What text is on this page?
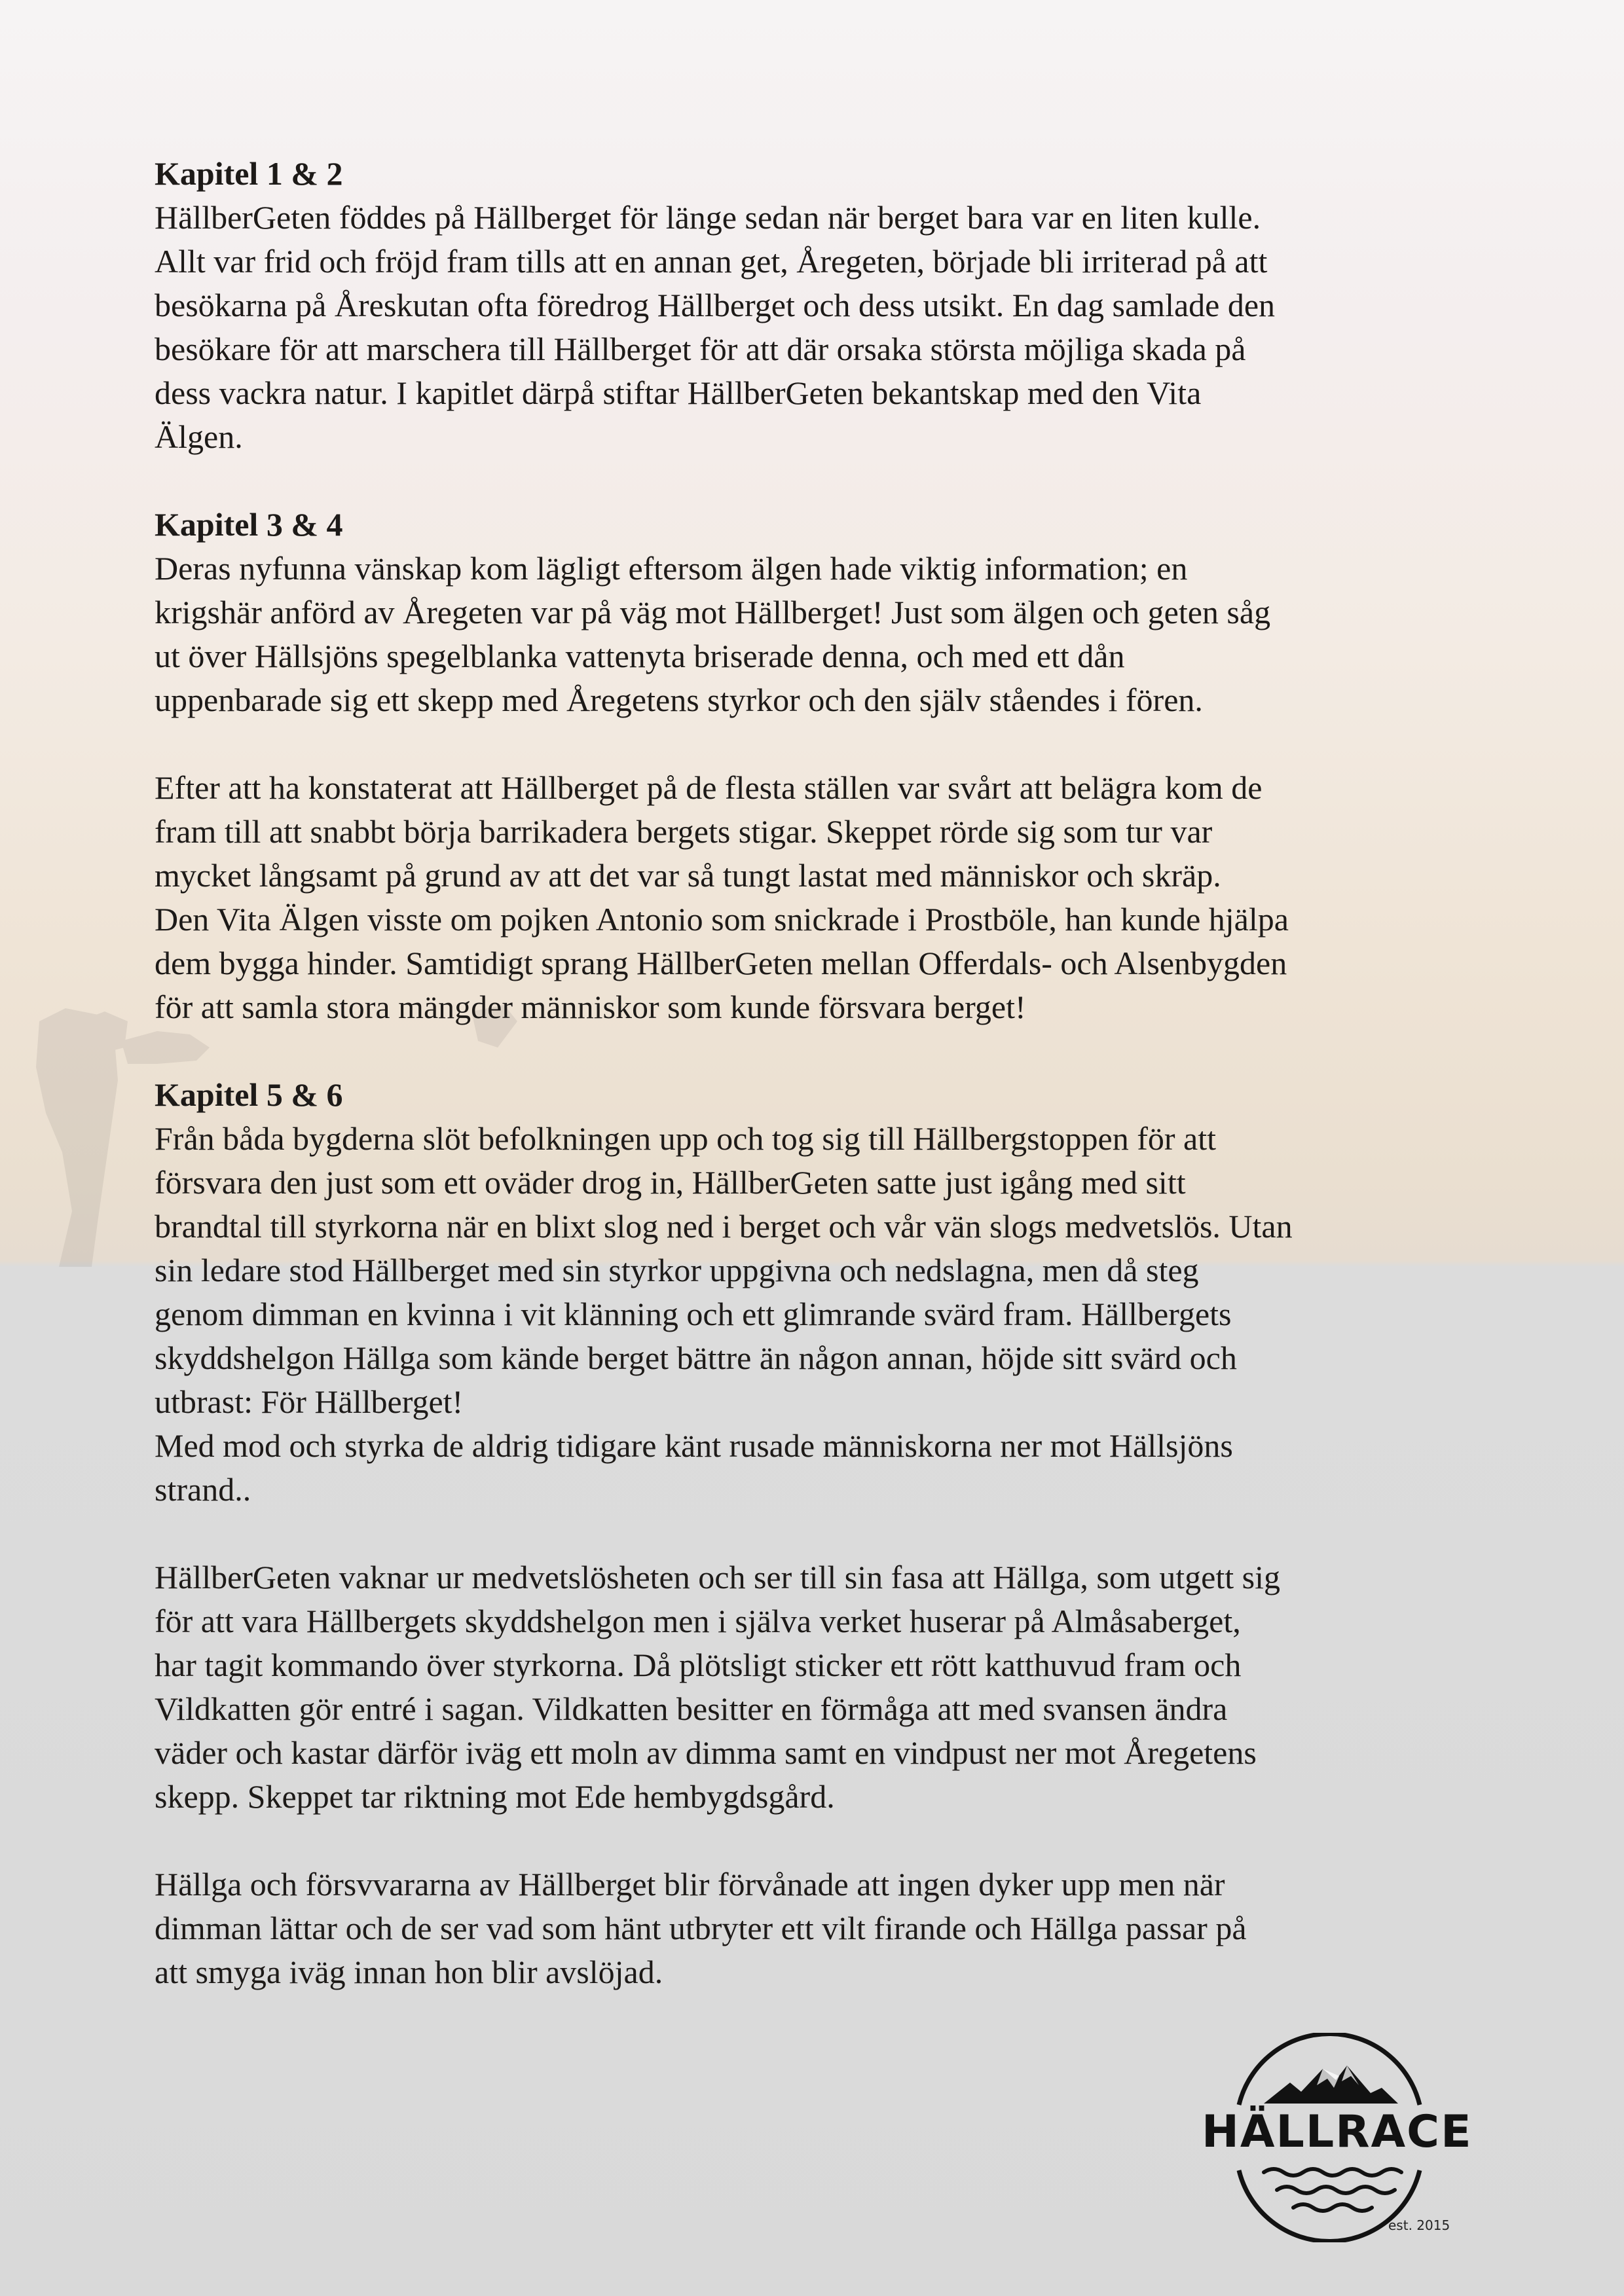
Kapitel 1 & 2

HällberGeten föddes på Hällberget för länge sedan när berget bara var en liten kulle.
Allt var frid och fröjd fram tills att en annan get, Åregeten, började bli irriterad på att
besökarna på Åreskutan ofta föredrog Hällberget och dess utsikt. En dag samlade den
besökare för att marschera till Hällberget för att där orsaka största möjliga skada på
dess vackra natur. I kapitlet därpå stiftar HällberGeten bekantskap med den Vita
Älgen.

Kapitel 3 & 4

Deras nyfunna vänskap kom lägligt eftersom älgen hade viktig information; en
krigshär anförd av Åregeten var på väg mot Hällberget! Just som älgen och geten såg
ut över Hällsjöns spegelblanka vattenyta briserade denna, och med ett dån
uppenbarade sig ett skepp med Åregetens styrkor och den själv ståendes i fören.

Efter att ha konstaterat att Hällberget på de flesta ställen var svårt att belägra kom de
fram till att snabbt börja barrikadera bergets stigar. Skeppet rörde sig som tur var
mycket långsamt på grund av att det var så tungt lastat med människor och skräp.
Den Vita Älgen visste om pojken Antonio som snickrade i Prostböle, han kunde hjälpa
dem bygga hinder. Samtidigt sprang HällberGeten mellan Offerdals- och Alsenbygden
för att samla stora mängder människor som kunde försvara berget!

Kapitel 5 & 6

Från båda bygderna slöt befolkningen upp och tog sig till Hällbergstoppen för att
försvara den just som ett oväder drog in, HällberGeten satte just igång med sitt
brandtal till styrkorna när en blixt slog ned i berget och vår vän slogs medvetslös. Utan
sin ledare stod Hällberget med sin styrkor uppgivna och nedslagna, men då steg
genom dimman en kvinna i vit klänning och ett glimrande svärd fram. Hällbergets
skyddshelgon Hällga som kände berget bättre än någon annan, höjde sitt svärd och
utbrast: För Hällberget!
Med mod och styrka de aldrig tidigare känt rusade människorna ner mot Hällsjöns
strand..

HällberGeten vaknar ur medvetslösheten och ser till sin fasa att Hällga, som utgett sig
för att vara Hällbergets skyddshelgon men i själva verket huserar på Almåsaberget,
har tagit kommando över styrkorna. Då plötsligt sticker ett rött katthuvud fram och
Vildkatten gör entré i sagan. Vildkatten besitter en förmåga att med svansen ändra
väder och kastar därför iväg ett moln av dimma samt en vindpust ner mot Åregetens
skepp. Skeppet tar riktning mot Ede hembygdsgård.

Hällga och försvvararna av Hällberget blir förvånade att ingen dyker upp men när
dimman lättar och de ser vad som hänt utbryter ett vilt firande och Hällga passar på
att smyga iväg innan hon blir avslöjad.

HÄLLRACE
est. 2015
